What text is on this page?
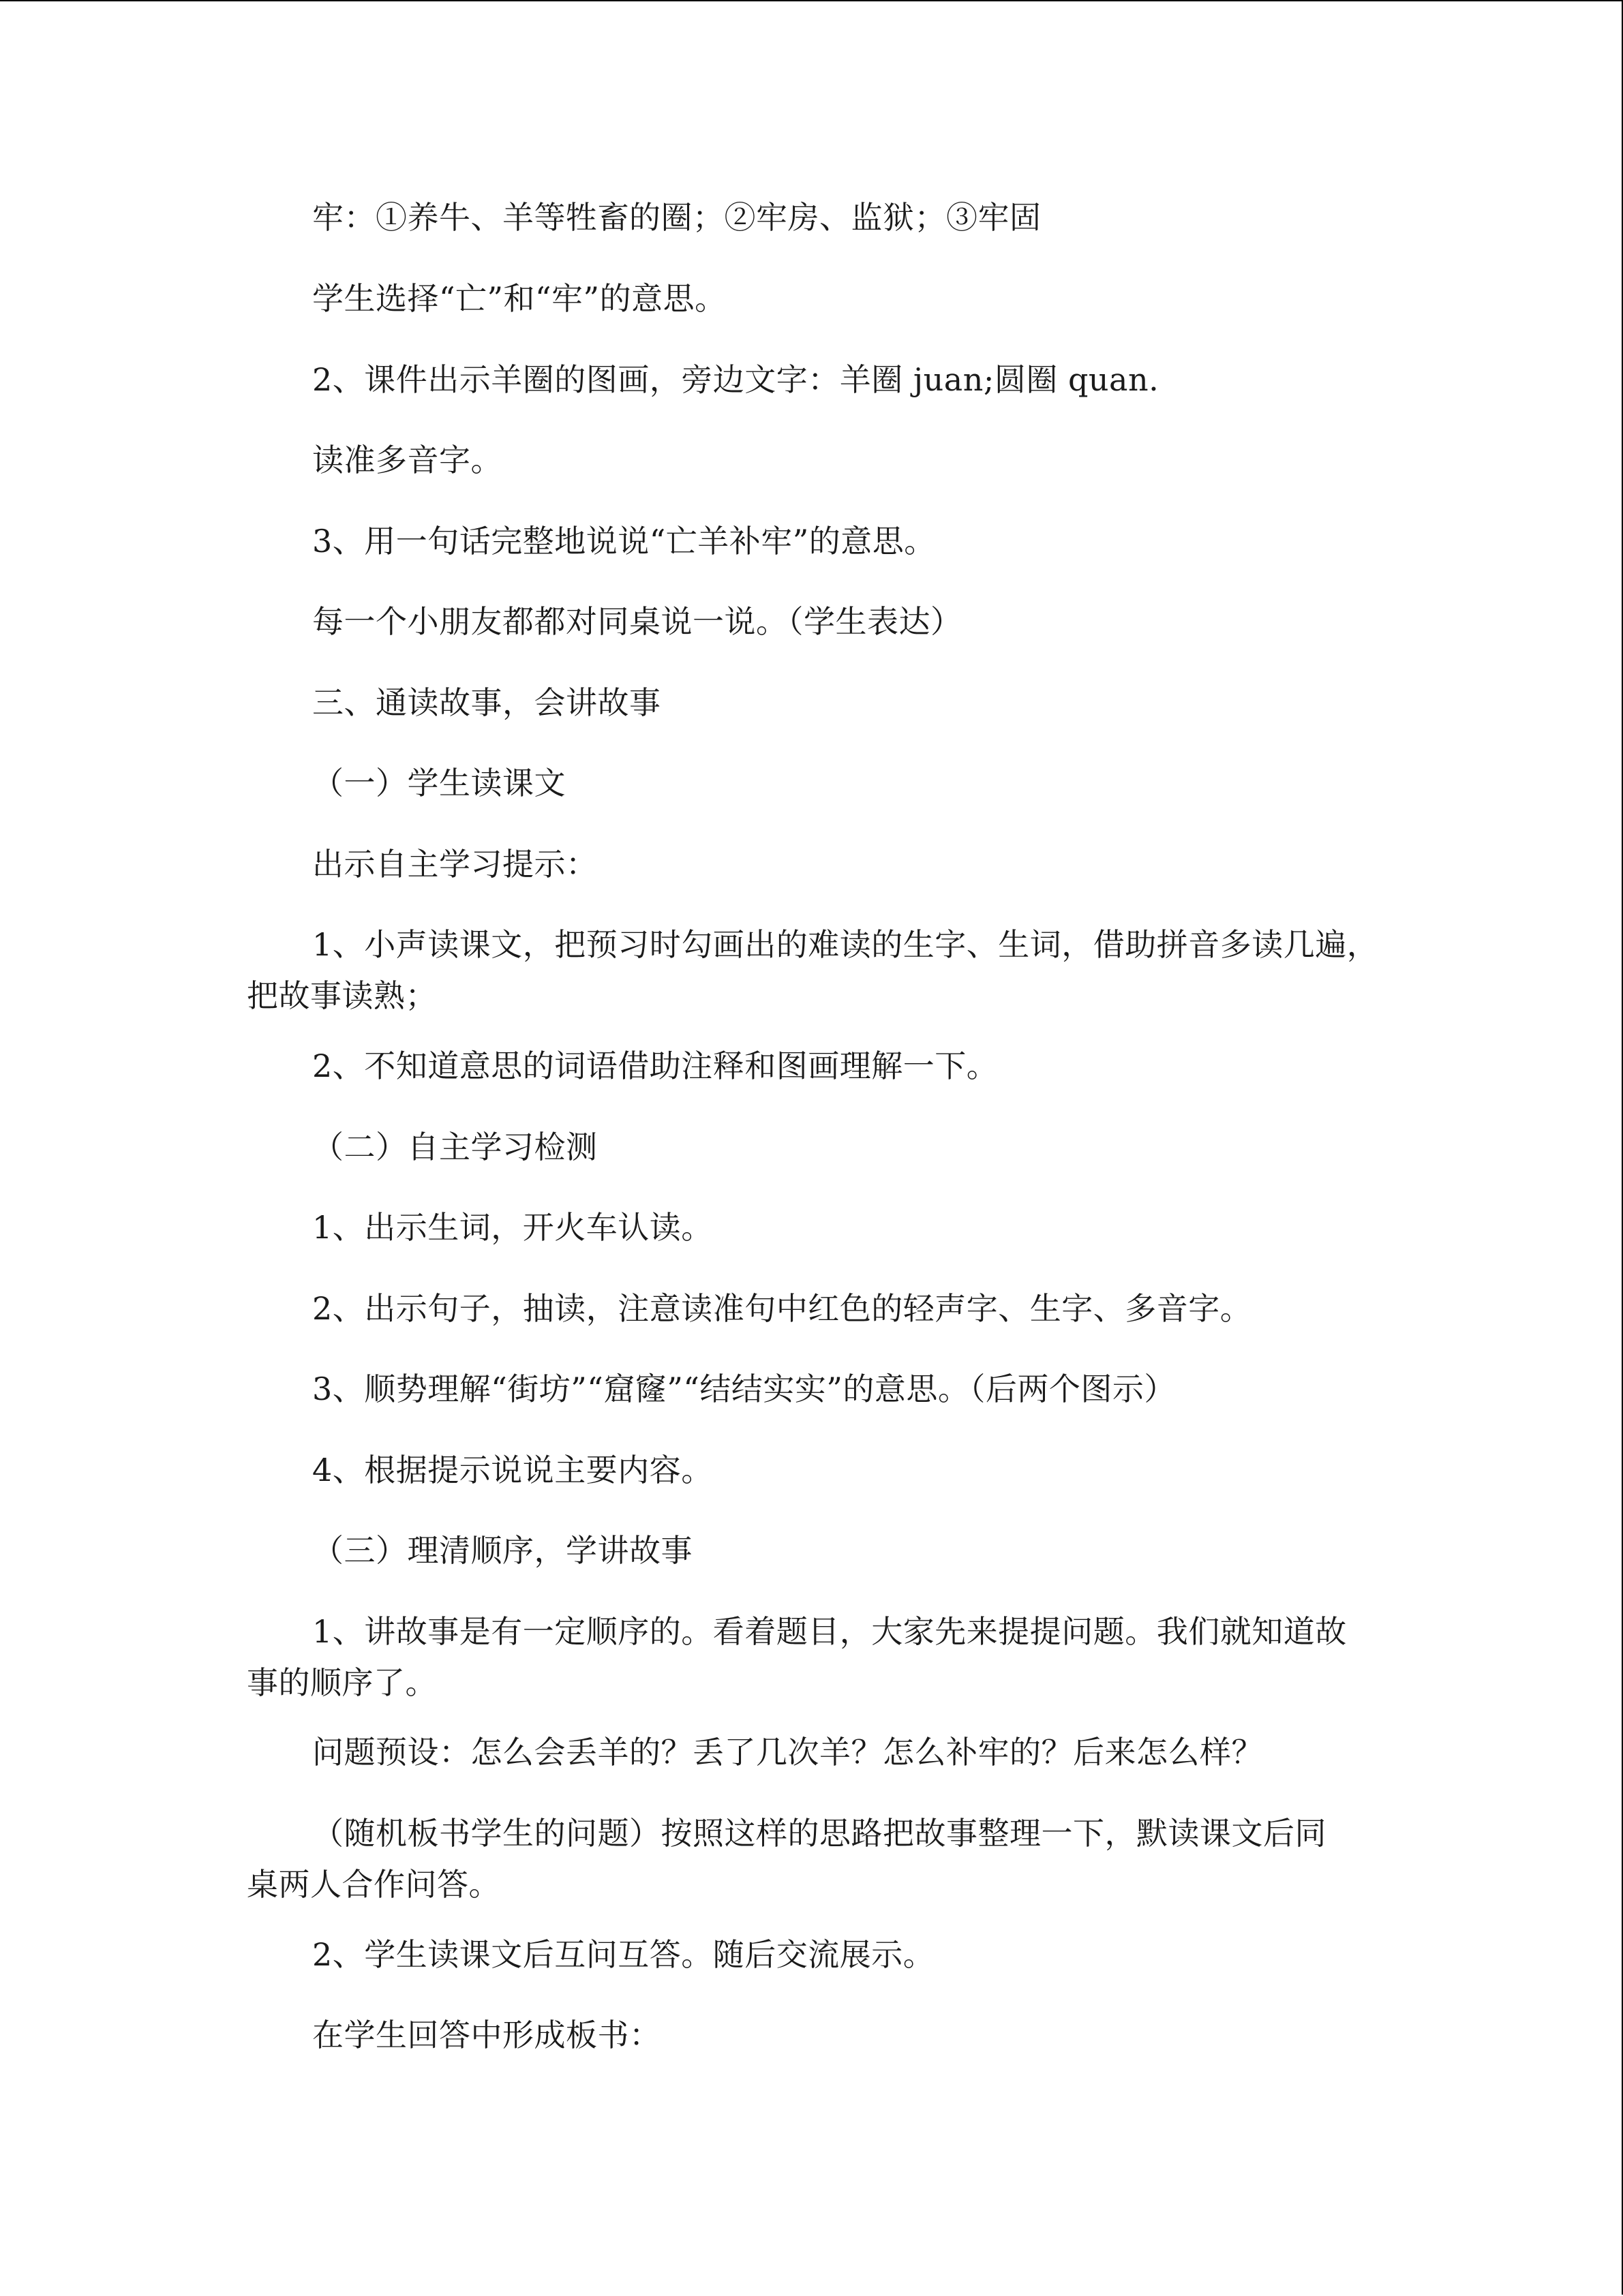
牢：①养牛、羊等牲畜的圈；②牢房、监狱；③牢固

学生选择“亡”和“牢”的意思。

2、课件出示羊圈的图画，旁边文字：羊圈 juan;圆圈 quan.

读准多音字。

3、用一句话完整地说说“亡羊补牢”的意思。

每一个小朋友都都对同桌说一说。（学生表达）

三、通读故事，会讲故事

（一）学生读课文

出示自主学习提示：

1、小声读课文，把预习时勾画出的难读的生字、生词，借助拼音多读几遍，
把故事读熟；

2、不知道意思的词语借助注释和图画理解一下。

（二）自主学习检测

1、出示生词，开火车认读。

2、出示句子，抽读，注意读准句中红色的轻声字、生字、多音字。

3、顺势理解“街坊”“窟窿”“结结实实”的意思。（后两个图示）

4、根据提示说说主要内容。

（三）理清顺序，学讲故事

1、讲故事是有一定顺序的。看着题目，大家先来提提问题。我们就知道故
事的顺序了。

问题预设：怎么会丢羊的？丢了几次羊？怎么补牢的？后来怎么样？

（随机板书学生的问题）按照这样的思路把故事整理一下，默读课文后同
桌两人合作问答。

2、学生读课文后互问互答。随后交流展示。

在学生回答中形成板书：
